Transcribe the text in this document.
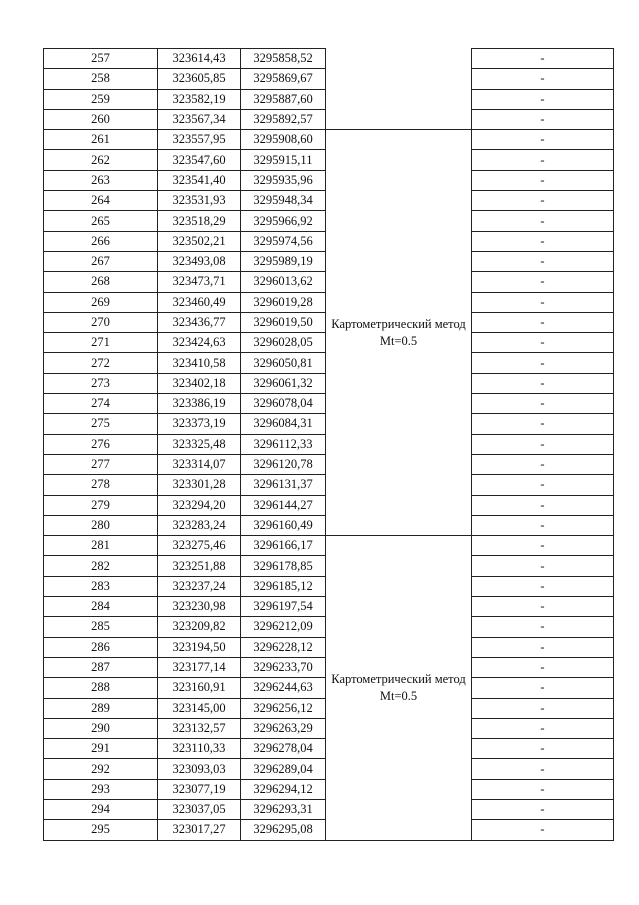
257	323614,43	3295858,52		-
258	323605,85	3295869,67		-
259	323582,19	3295887,60		-
260	323567,34	3295892,57		-
261	323557,95	3295908,60	Картометрический метод Mt=0.5	-
262	323547,60	3295915,11		-
263	323541,40	3295935,96		-
264	323531,93	3295948,34		-
265	323518,29	3295966,92		-
266	323502,21	3295974,56		-
267	323493,08	3295989,19		-
268	323473,71	3296013,62		-
269	323460,49	3296019,28		-
270	323436,77	3296019,50		-
271	323424,63	3296028,05		-
272	323410,58	3296050,81		-
273	323402,18	3296061,32		-
274	323386,19	3296078,04		-
275	323373,19	3296084,31		-
276	323325,48	3296112,33		-
277	323314,07	3296120,78		-
278	323301,28	3296131,37		-
279	323294,20	3296144,27		-
280	323283,24	3296160,49		-
281	323275,46	3296166,17	Картометрический метод Mt=0.5	-
282	323251,88	3296178,85		-
283	323237,24	3296185,12		-
284	323230,98	3296197,54		-
285	323209,82	3296212,09		-
286	323194,50	3296228,12		-
287	323177,14	3296233,70		-
288	323160,91	3296244,63		-
289	323145,00	3296256,12		-
290	323132,57	3296263,29		-
291	323110,33	3296278,04		-
292	323093,03	3296289,04		-
293	323077,19	3296294,12		-
294	323037,05	3296293,31		-
295	323017,27	3296295,08		-
